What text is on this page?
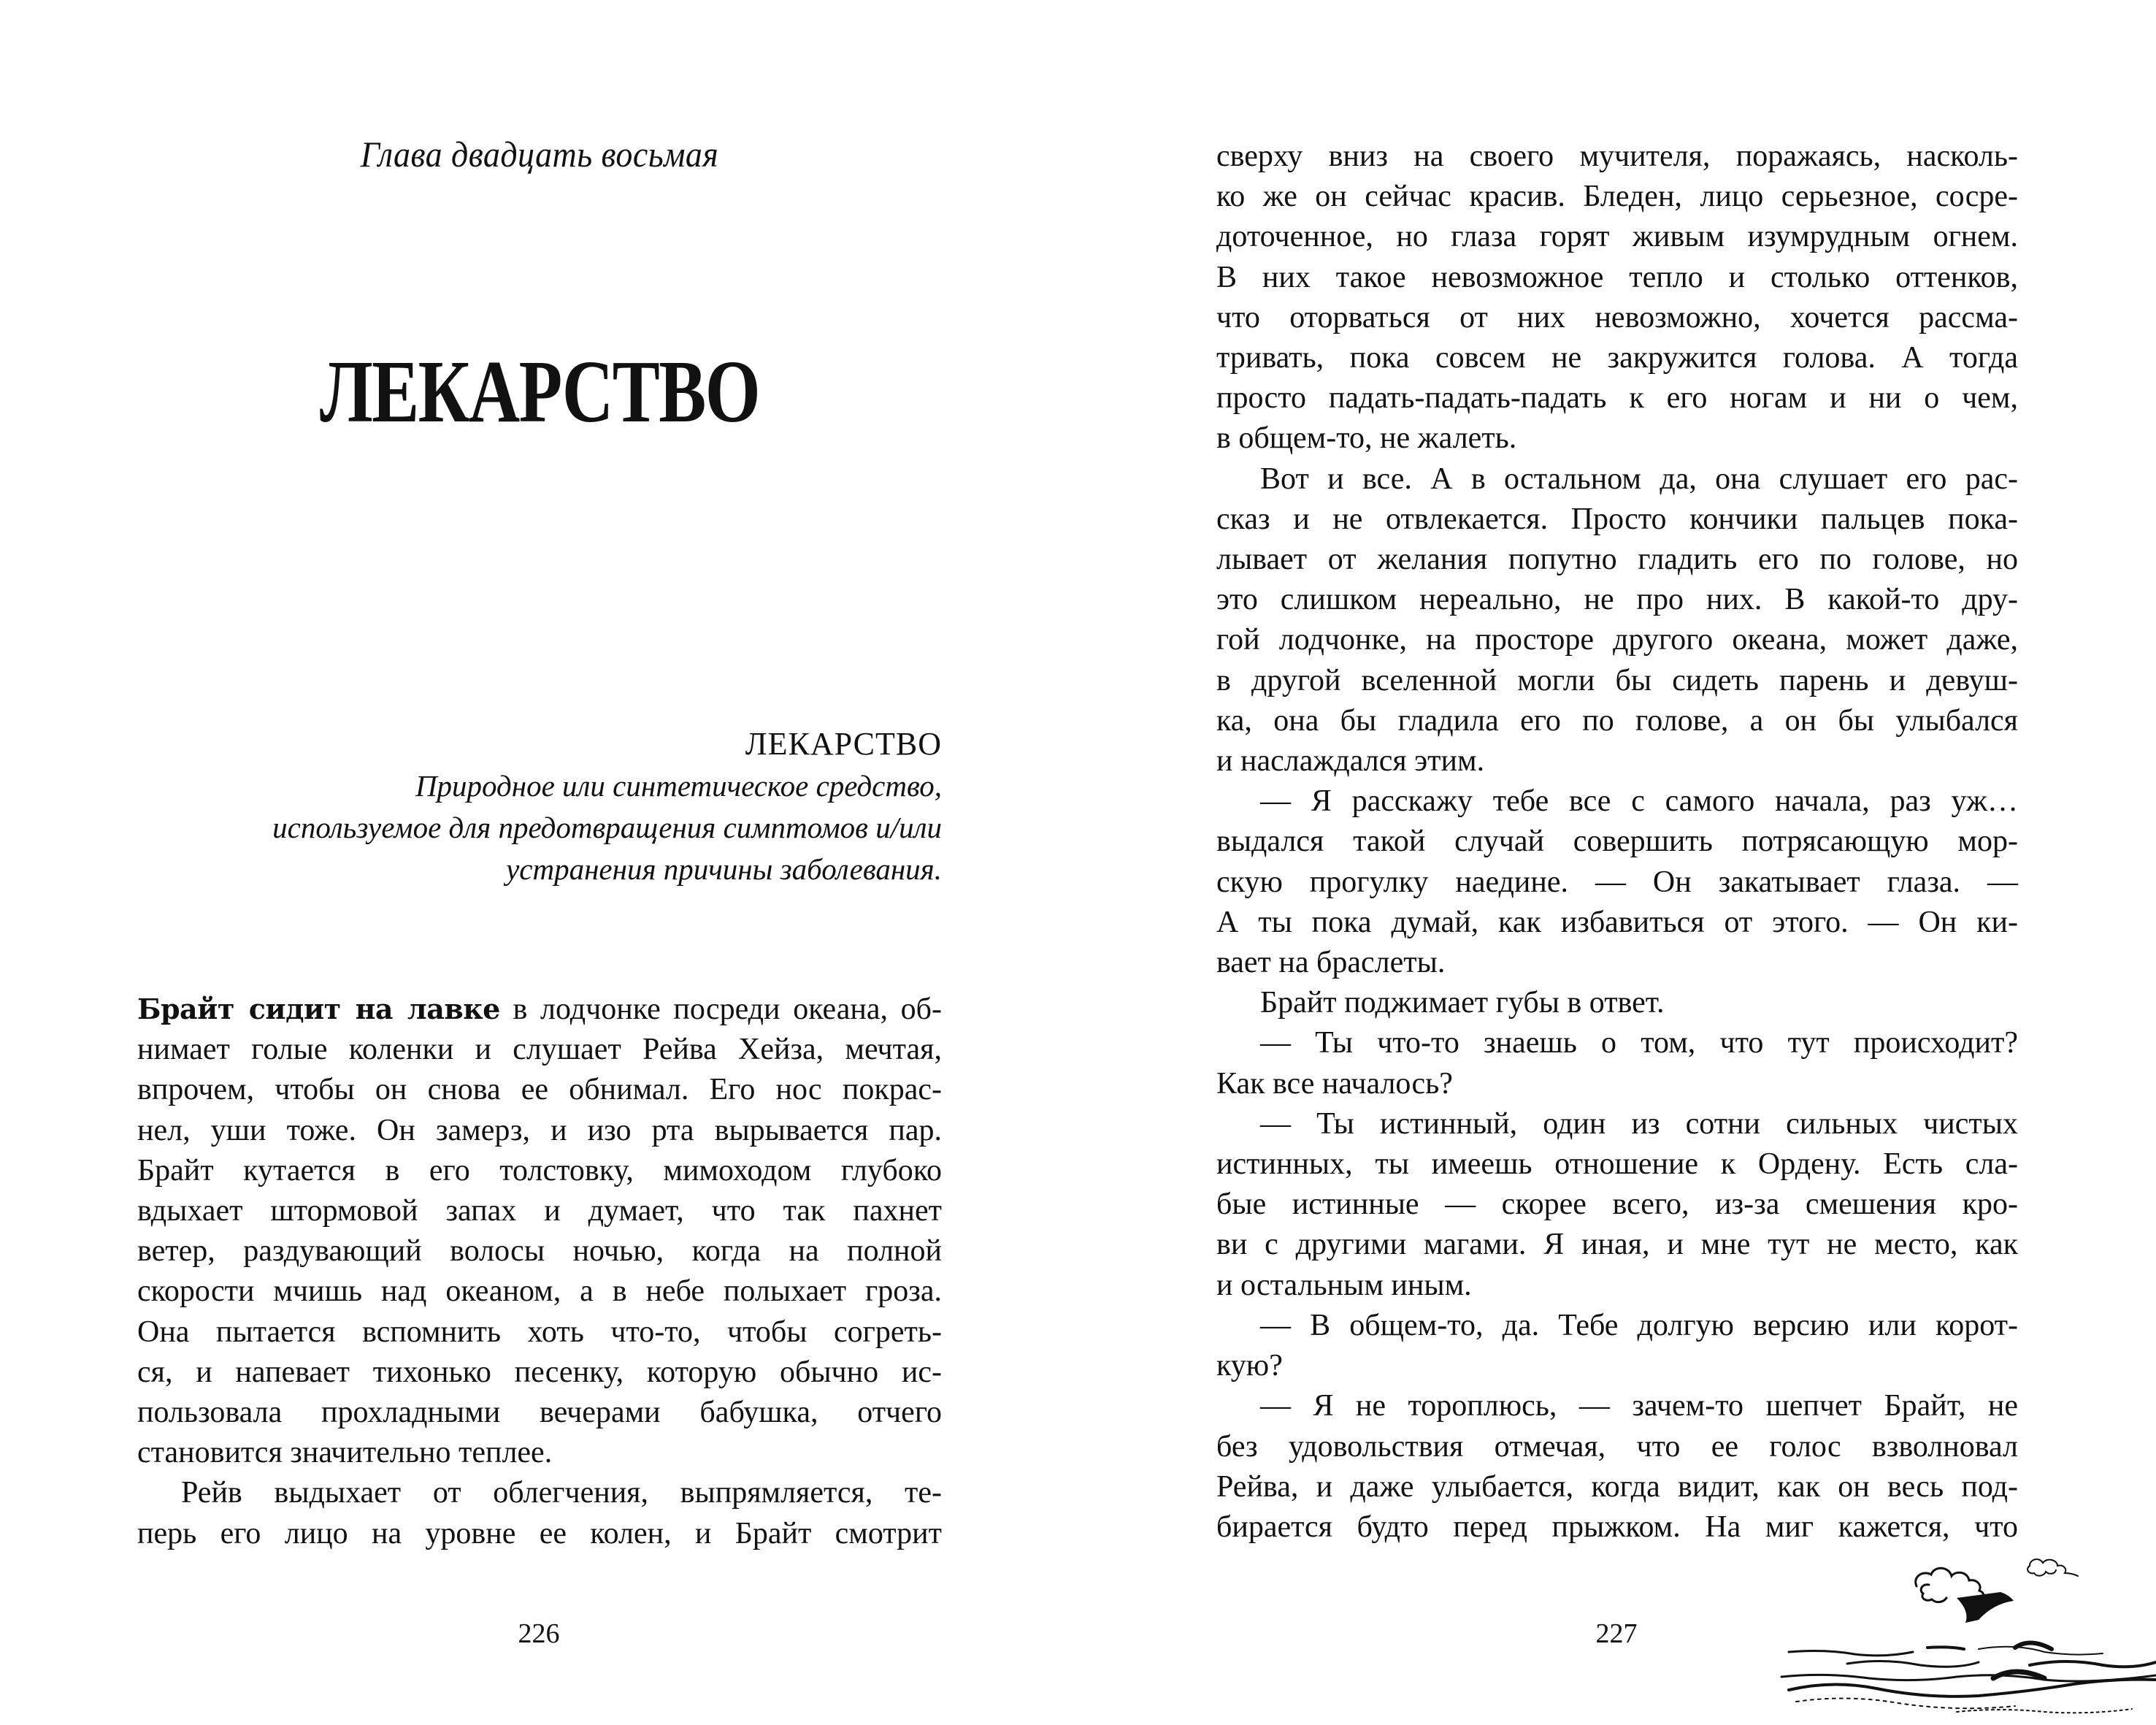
Глава двадцать восьмая
ЛЕКАРСТВО
ЛЕКАРСТВО
Природное или синтетическое средство,
используемое для предотвращения симптомов и/или
устранения причины заболевания.
Брайт сидит на лавке в лодчонке посреди океана, об-
нимает голые коленки и слушает Рейва Хейза, мечтая,
впрочем, чтобы он снова ее обнимал. Его нос покрас-
нел, уши тоже. Он замерз, и изо рта вырывается пар.
Брайт кутается в его толстовку, мимоходом глубоко
вдыхает штормовой запах и думает, что так пахнет
ветер, раздувающий волосы ночью, когда на полной
скорости мчишь над океаном, а в небе полыхает гроза.
Она пытается вспомнить хоть что-то, чтобы согреть-
ся, и напевает тихонько песенку, которую обычно ис-
пользовала прохладными вечерами бабушка, отчего
становится значительно теплее.
Рейв выдыхает от облегчения, выпрямляется, те-
перь его лицо на уровне ее колен, и Брайт смотрит
226
сверху вниз на своего мучителя, поражаясь, насколь-
ко же он сейчас красив. Бледен, лицо серьезное, сосре-
доточенное, но глаза горят живым изумрудным огнем.
В них такое невозможное тепло и столько оттенков,
что оторваться от них невозможно, хочется рассма-
тривать, пока совсем не закружится голова. А тогда
просто падать-падать-падать к его ногам и ни о чем,
в общем-то, не жалеть.
Вот и все. А в остальном да, она слушает его рас-
сказ и не отвлекается. Просто кончики пальцев пока-
лывает от желания попутно гладить его по голове, но
это слишком нереально, не про них. В какой-то дру-
гой лодчонке, на просторе другого океана, может даже,
в другой вселенной могли бы сидеть парень и девуш-
ка, она бы гладила его по голове, а он бы улыбался
и наслаждался этим.
— Я расскажу тебе все с самого начала, раз уж…
выдался такой случай совершить потрясающую мор-
скую прогулку наедине. — Он закатывает глаза. —
А ты пока думай, как избавиться от этого. — Он ки-
вает на браслеты.
Брайт поджимает губы в ответ.
— Ты что-то знаешь о том, что тут происходит?
Как все началось?
— Ты истинный, один из сотни сильных чистых
истинных, ты имеешь отношение к Ордену. Есть сла-
бые истинные — скорее всего, из-за смешения кро-
ви с другими магами. Я иная, и мне тут не место, как
и остальным иным.
— В общем-то, да. Тебе долгую версию или корот-
кую?
— Я не тороплюсь, — зачем-то шепчет Брайт, не
без удовольствия отмечая, что ее голос взволновал
Рейва, и даже улыбается, когда видит, как он весь под-
бирается будто перед прыжком. На миг кажется, что
227
